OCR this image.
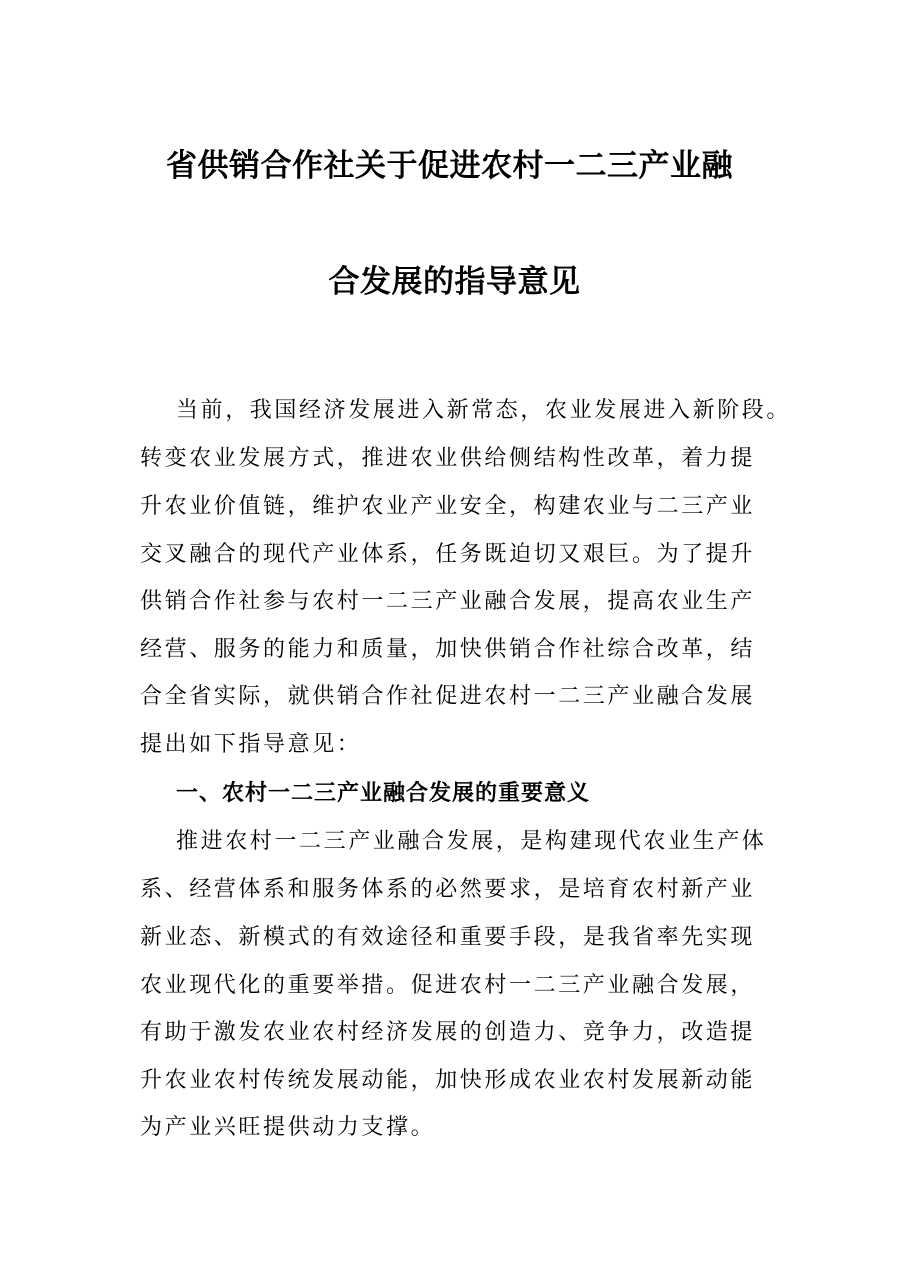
省供销合作社关于促进农村一二三产业融
合发展的指导意见
当前，我国经济发展进入新常态，农业发展进入新阶段。
转变农业发展方式，推进农业供给侧结构性改革，着力提
升农业价值链，维护农业产业安全，构建农业与二三产业
交叉融合的现代产业体系，任务既迫切又艰巨。为了提升
供销合作社参与农村一二三产业融合发展，提高农业生产
经营、服务的能力和质量，加快供销合作社综合改革，结
合全省实际，就供销合作社促进农村一二三产业融合发展
提出如下指导意见：
一、农村一二三产业融合发展的重要意义
推进农村一二三产业融合发展，是构建现代农业生产体
系、经营体系和服务体系的必然要求，是培育农村新产业
新业态、新模式的有效途径和重要手段，是我省率先实现
农业现代化的重要举措。促进农村一二三产业融合发展，
有助于激发农业农村经济发展的创造力、竞争力，改造提
升农业农村传统发展动能，加快形成农业农村发展新动能
为产业兴旺提供动力支撑。
